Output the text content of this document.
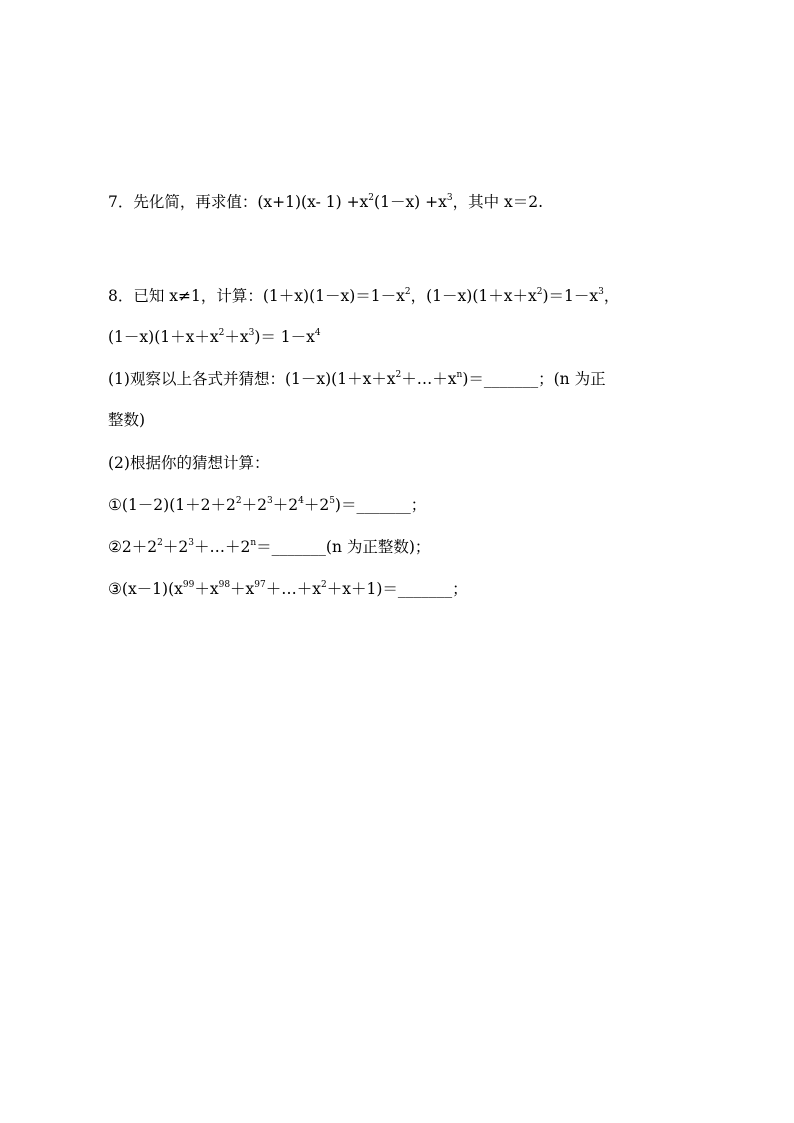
7．先化简，再求值：(x+1)(x- $1) +x^2(1-x) +x^3$，其中 x＝2.
8．已知 x≠1，计算：$(1+x)(1-x)=1-x^2$，$(1-x)(1+x+x^2)=1-x^3$，
$(1-x)(1+x+x^2+x^3)= 1-x^4$
(1)观察以上各式并猜想：$(1-x)(1+x+x^2+\dots+x^n)=\_\_\_\_\_\_\_$；(n 为正
整数)
(2)根据你的猜想计算：
$①(1-2)(1+2+2^2+2^3+2^4+2^5)=\_\_\_\_\_\_\_$；
$②2+2^2+2^3+\dots+2^n=\_\_\_\_\_\_\_(n$ 为正整数)；
$③(x-1)(x^{99}+x^{98}+x^{97}+\dots+x^2+x+1)=\_\_\_\_\_\_\_$；
